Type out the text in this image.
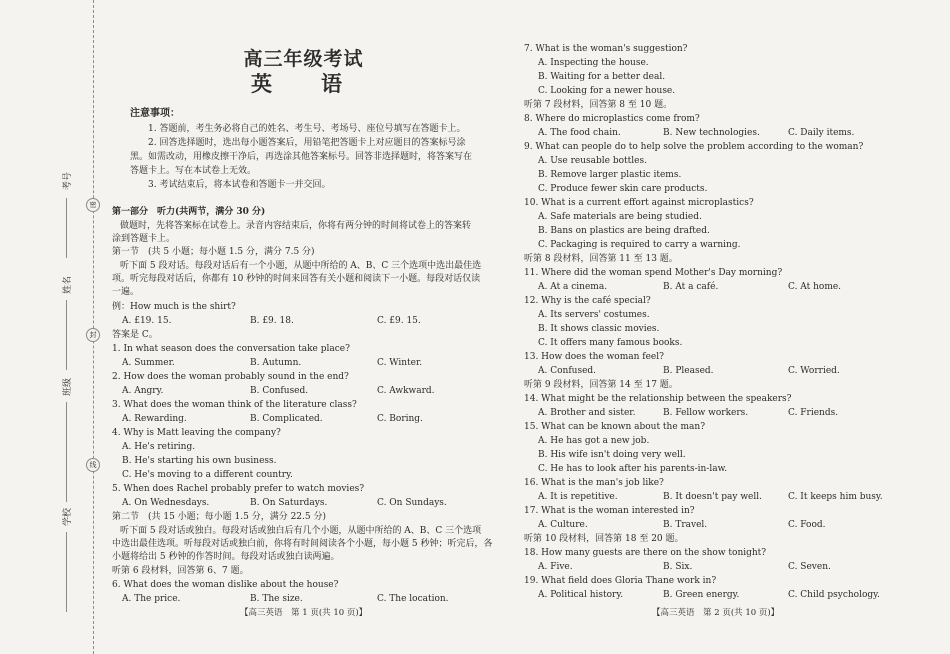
考号
姓名
班级
学校
密
封
线
高三年级考试
英　语
注意事项：
1. 答题前，考生务必将自己的姓名、考生号、考场号、座位号填写在答题卡上。
2. 回答选择题时，选出每小题答案后，用铅笔把答题卡上对应题目的答案标号涂
黑。如需改动，用橡皮擦干净后，再选涂其他答案标号。回答非选择题时，将答案写在
答题卡上。写在本试卷上无效。
3. 考试结束后，将本试卷和答题卡一并交回。
第一部分　听力(共两节，满分 30 分)
做题时，先将答案标在试卷上。录音内容结束后，你将有两分钟的时间将试卷上的答案转
涂到答题卡上。
第一节　(共 5 小题；每小题 1.5 分，满分 7.5 分)
听下面 5 段对话。每段对话后有一个小题，从题中所给的 A、B、C 三个选项中选出最佳选
项。听完每段对话后，你都有 10 秒钟的时间来回答有关小题和阅读下一小题。每段对话仅读
一遍。
例：How much is the shirt?
A. £19. 15.	B. £9. 18.	C. £9. 15.
答案是 C。
1. In what season does the conversation take place?
A. Summer.	B. Autumn.	C. Winter.
2. How does the woman probably sound in the end?
A. Angry.	B. Confused.	C. Awkward.
3. What does the woman think of the literature class?
A. Rewarding.	B. Complicated.	C. Boring.
4. Why is Matt leaving the company?
A. He's retiring.
B. He's starting his own business.
C. He's moving to a different country.
5. When does Rachel probably prefer to watch movies?
A. On Wednesdays.	B. On Saturdays.	C. On Sundays.
第二节　(共 15 小题；每小题 1.5 分，满分 22.5 分)
听下面 5 段对话或独白。每段对话或独白后有几个小题，从题中所给的 A、B、C 三个选项
中选出最佳选项。听每段对话或独白前，你将有时间阅读各个小题，每小题 5 秒钟；听完后，各
小题将给出 5 秒钟的作答时间。每段对话或独白读两遍。
听第 6 段材料，回答第 6、7 题。
6. What does the woman dislike about the house?
A. The price.	B. The size.	C. The location.
【高三英语　第 1 页(共 10 页)】
7. What is the woman's suggestion?
A. Inspecting the house.
B. Waiting for a better deal.
C. Looking for a newer house.
听第 7 段材料，回答第 8 至 10 题。
8. Where do microplastics come from?
A. The food chain.	B. New technologies.	C. Daily items.
9. What can people do to help solve the problem according to the woman?
A. Use reusable bottles.
B. Remove larger plastic items.
C. Produce fewer skin care products.
10. What is a current effort against microplastics?
A. Safe materials are being studied.
B. Bans on plastics are being drafted.
C. Packaging is required to carry a warning.
听第 8 段材料，回答第 11 至 13 题。
11. Where did the woman spend Mother's Day morning?
A. At a cinema.	B. At a café.	C. At home.
12. Why is the café special?
A. Its servers' costumes.
B. It shows classic movies.
C. It offers many famous books.
13. How does the woman feel?
A. Confused.	B. Pleased.	C. Worried.
听第 9 段材料，回答第 14 至 17 题。
14. What might be the relationship between the speakers?
A. Brother and sister.	B. Fellow workers.	C. Friends.
15. What can be known about the man?
A. He has got a new job.
B. His wife isn't doing very well.
C. He has to look after his parents-in-law.
16. What is the man's job like?
A. It is repetitive.	B. It doesn't pay well.	C. It keeps him busy.
17. What is the woman interested in?
A. Culture.	B. Travel.	C. Food.
听第 10 段材料，回答第 18 至 20 题。
18. How many guests are there on the show tonight?
A. Five.	B. Six.	C. Seven.
19. What field does Gloria Thane work in?
A. Political history.	B. Green energy.	C. Child psychology.
【高三英语　第 2 页(共 10 页)】
